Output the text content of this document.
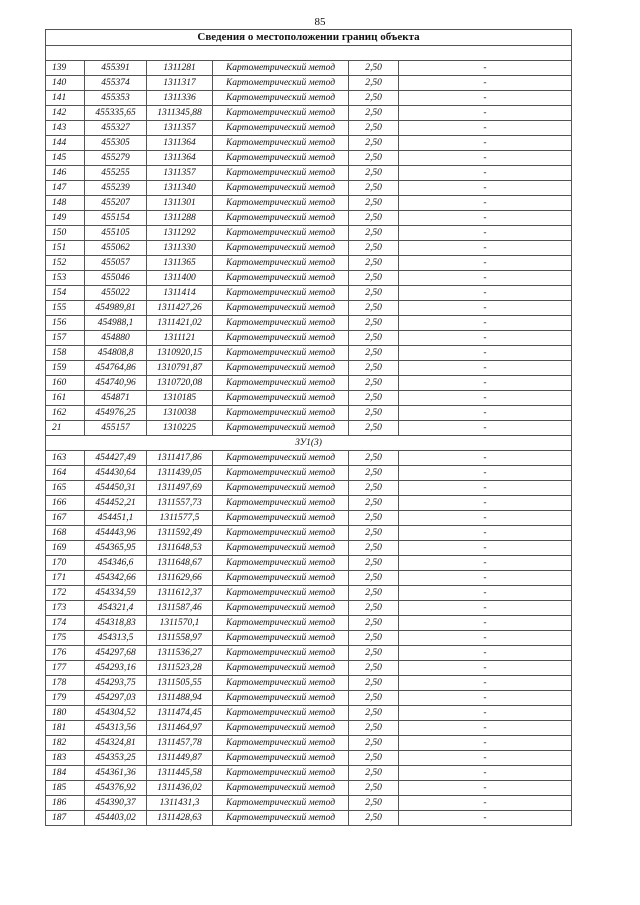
85
Сведения о местоположении границ объекта					

139	455391	1311281	Картометрический метод	2,50	-
140	455374	1311317	Картометрический метод	2,50	-
141	455353	1311336	Картометрический метод	2,50	-
142	455335,65	1311345,88	Картометрический метод	2,50	-
143	455327	1311357	Картометрический метод	2,50	-
144	455305	1311364	Картометрический метод	2,50	-
145	455279	1311364	Картометрический метод	2,50	-
146	455255	1311357	Картометрический метод	2,50	-
147	455239	1311340	Картометрический метод	2,50	-
148	455207	1311301	Картометрический метод	2,50	-
149	455154	1311288	Картометрический метод	2,50	-
150	455105	1311292	Картометрический метод	2,50	-
151	455062	1311330	Картометрический метод	2,50	-
152	455057	1311365	Картометрический метод	2,50	-
153	455046	1311400	Картометрический метод	2,50	-
154	455022	1311414	Картометрический метод	2,50	-
155	454989,81	1311427,26	Картометрический метод	2,50	-
156	454988,1	1311421,02	Картометрический метод	2,50	-
157	454880	1311121	Картометрический метод	2,50	-
158	454808,8	1310920,15	Картометрический метод	2,50	-
159	454764,86	1310791,87	Картометрический метод	2,50	-
160	454740,96	1310720,08	Картометрический метод	2,50	-
161	454871	1310185	Картометрический метод	2,50	-
162	454976,25	1310038	Картометрический метод	2,50	-
21	455157	1310225	Картометрический метод	2,50	-
ЗУ1(3)					
163	454427,49	1311417,86	Картометрический метод	2,50	-
164	454430,64	1311439,05	Картометрический метод	2,50	-
165	454450,31	1311497,69	Картометрический метод	2,50	-
166	454452,21	1311557,73	Картометрический метод	2,50	-
167	454451,1	1311577,5	Картометрический метод	2,50	-
168	454443,96	1311592,49	Картометрический метод	2,50	-
169	454365,95	1311648,53	Картометрический метод	2,50	-
170	454346,6	1311648,67	Картометрический метод	2,50	-
171	454342,66	1311629,66	Картометрический метод	2,50	-
172	454334,59	1311612,37	Картометрический метод	2,50	-
173	454321,4	1311587,46	Картометрический метод	2,50	-
174	454318,83	1311570,1	Картометрический метод	2,50	-
175	454313,5	1311558,97	Картометрический метод	2,50	-
176	454297,68	1311536,27	Картометрический метод	2,50	-
177	454293,16	1311523,28	Картометрический метод	2,50	-
178	454293,75	1311505,55	Картометрический метод	2,50	-
179	454297,03	1311488,94	Картометрический метод	2,50	-
180	454304,52	1311474,45	Картометрический метод	2,50	-
181	454313,56	1311464,97	Картометрический метод	2,50	-
182	454324,81	1311457,78	Картометрический метод	2,50	-
183	454353,25	1311449,87	Картометрический метод	2,50	-
184	454361,36	1311445,58	Картометрический метод	2,50	-
185	454376,92	1311436,02	Картометрический метод	2,50	-
186	454390,37	1311431,3	Картометрический метод	2,50	-
187	454403,02	1311428,63	Картометрический метод	2,50	-
